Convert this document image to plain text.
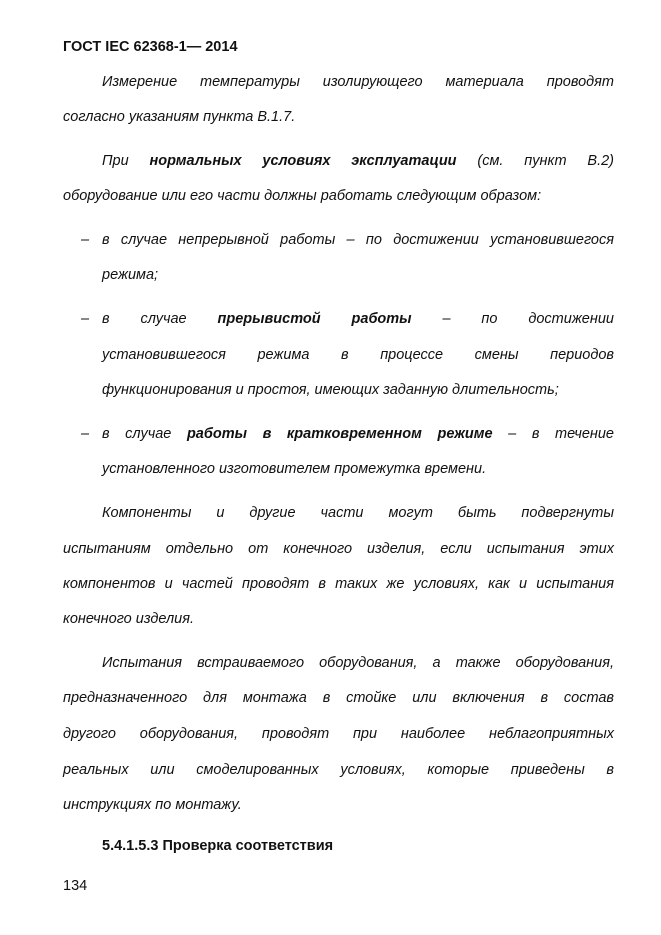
ГОСТ IEC 62368-1— 2014
Измерение температуры изолирующего материала проводят
согласно указаниям пункта B.1.7.
При нормальных условиях эксплуатации (см. пункт B.2)
оборудование или его части должны работать следующим образом:
– в случае непрерывной работы – по достижении установившегося
режима;
– в случае прерывистой работы – по достижении
установившегося режима в процессе смены периодов
функционирования и простоя, имеющих заданную длительность;
– в случае работы в кратковременном режиме – в течение
установленного изготовителем промежутка времени.
Компоненты и другие части могут быть подвергнуты
испытаниям отдельно от конечного изделия, если испытания этих
компонентов и частей проводят в таких же условиях, как и испытания
конечного изделия.
Испытания встраиваемого оборудования, а также оборудования,
предназначенного для монтажа в стойке или включения в состав
другого оборудования, проводят при наиболее неблагоприятных
реальных или смоделированных условиях, которые приведены в
инструкциях по монтажу.
5.4.1.5.3 Проверка соответствия
134
